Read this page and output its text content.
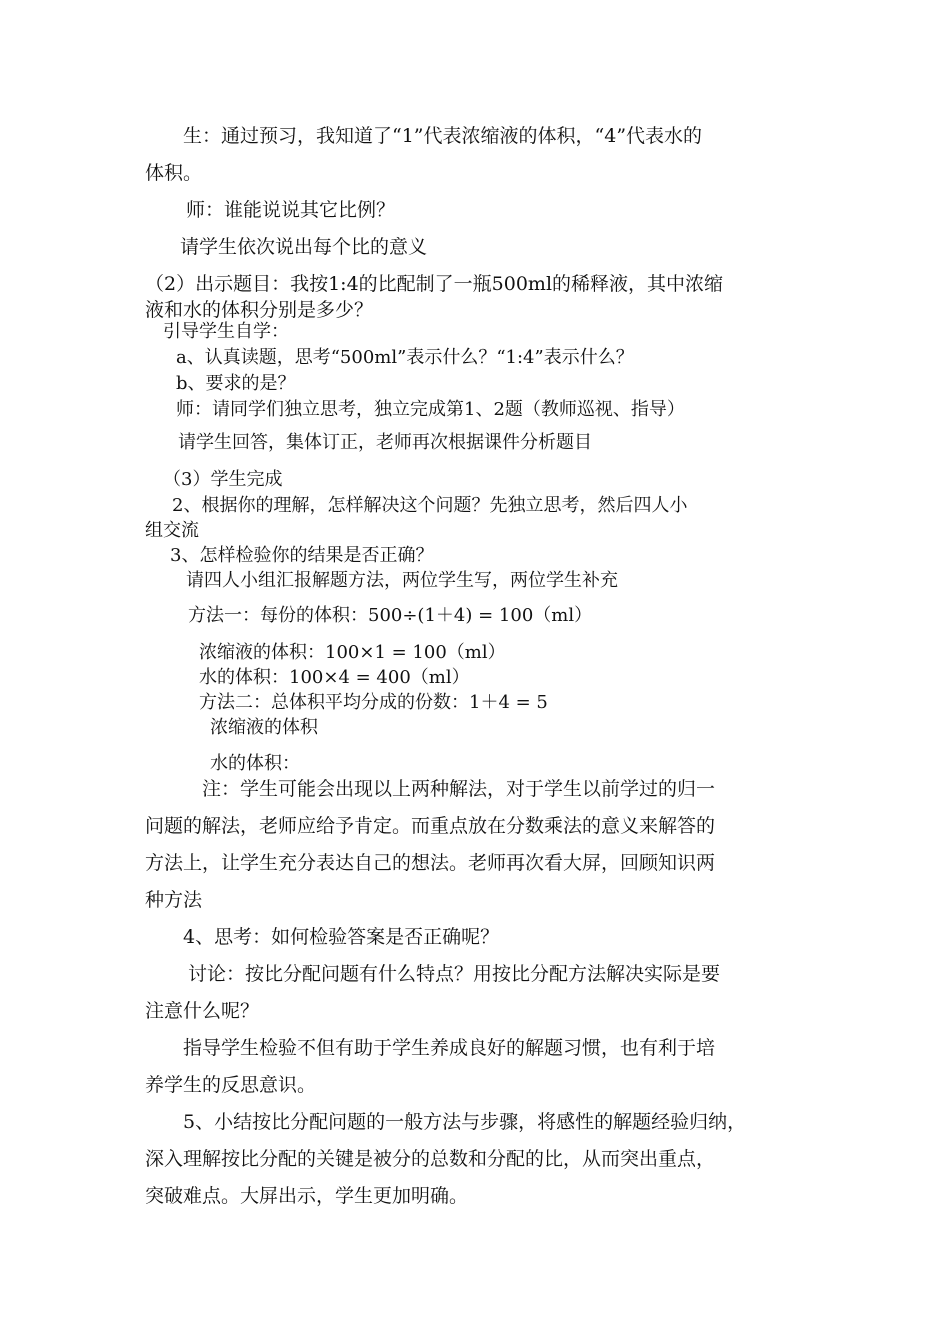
生：通过预习，我知道了“1”代表浓缩液的体积，“4”代表水的
体积。
师：谁能说说其它比例？
请学生依次说出每个比的意义
（2）出示题目：我按1:4的比配制了一瓶500ml的稀释液，其中浓缩
液和水的体积分别是多少？
引导学生自学：
a、认真读题，思考“500ml”表示什么？“1:4”表示什么？
b、要求的是？
师：请同学们独立思考，独立完成第1、2题（教师巡视、指导）
请学生回答，集体订正，老师再次根据课件分析题目
（3）学生完成
2、根据你的理解，怎样解决这个问题？先独立思考，然后四人小
组交流
3、怎样检验你的结果是否正确？
请四人小组汇报解题方法，两位学生写，两位学生补充
方法一：每份的体积：500÷(1＋4) = 100（ml）
浓缩液的体积：100×1 = 100（ml）
水的体积：100×4 = 400（ml）
方法二：总体积平均分成的份数：1＋4 = 5
浓缩液的体积
水的体积：
注：学生可能会出现以上两种解法，对于学生以前学过的归一
问题的解法，老师应给予肯定。而重点放在分数乘法的意义来解答的
方法上，让学生充分表达自己的想法。老师再次看大屏，回顾知识两
种方法
4、思考：如何检验答案是否正确呢？
讨论：按比分配问题有什么特点？用按比分配方法解决实际是要
注意什么呢？
指导学生检验不但有助于学生养成良好的解题习惯，也有利于培
养学生的反思意识。
5、小结按比分配问题的一般方法与步骤，将感性的解题经验归纳，
深入理解按比分配的关键是被分的总数和分配的比，从而突出重点，
突破难点。大屏出示，学生更加明确。
